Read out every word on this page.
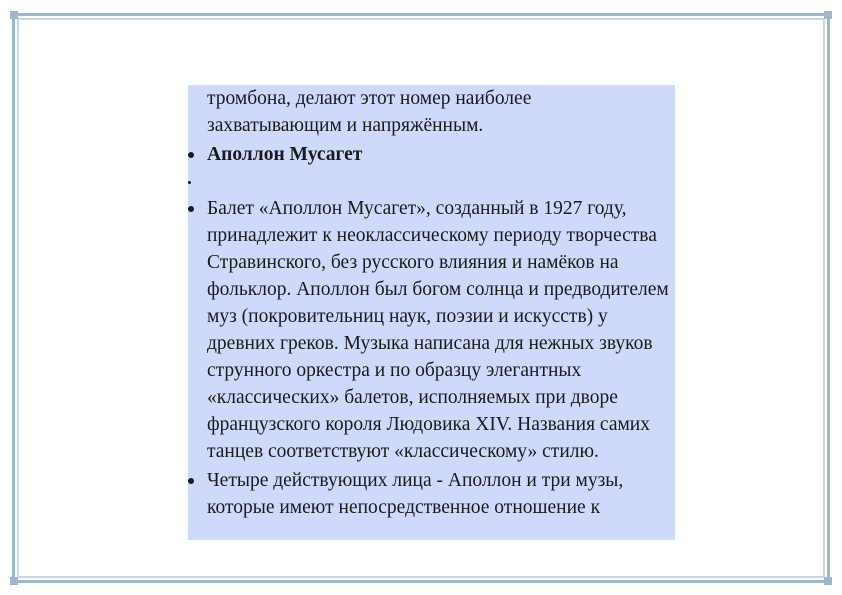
тромбона, делают этот номер наиболее захватывающим и напряжённым.
Аполлон Мусагет
Балет «Аполлон Мусагет», созданный в 1927 году, принадлежит к неоклассическому периоду творчества Стравинского, без русского влияния и намёков на фольклор. Аполлон был богом солнца и предводителем муз (покровительниц наук, поэзии и искусств) у древних греков. Музыка написана для нежных звуков струнного оркестра и по образцу элегантных «классических» балетов, исполняемых при дворе французского короля Людовика XIV. Названия самих танцев соответствуют «классическому» стилю.
Четыре действующих лица - Аполлон и три музы, которые имеют непосредственное отношение к
